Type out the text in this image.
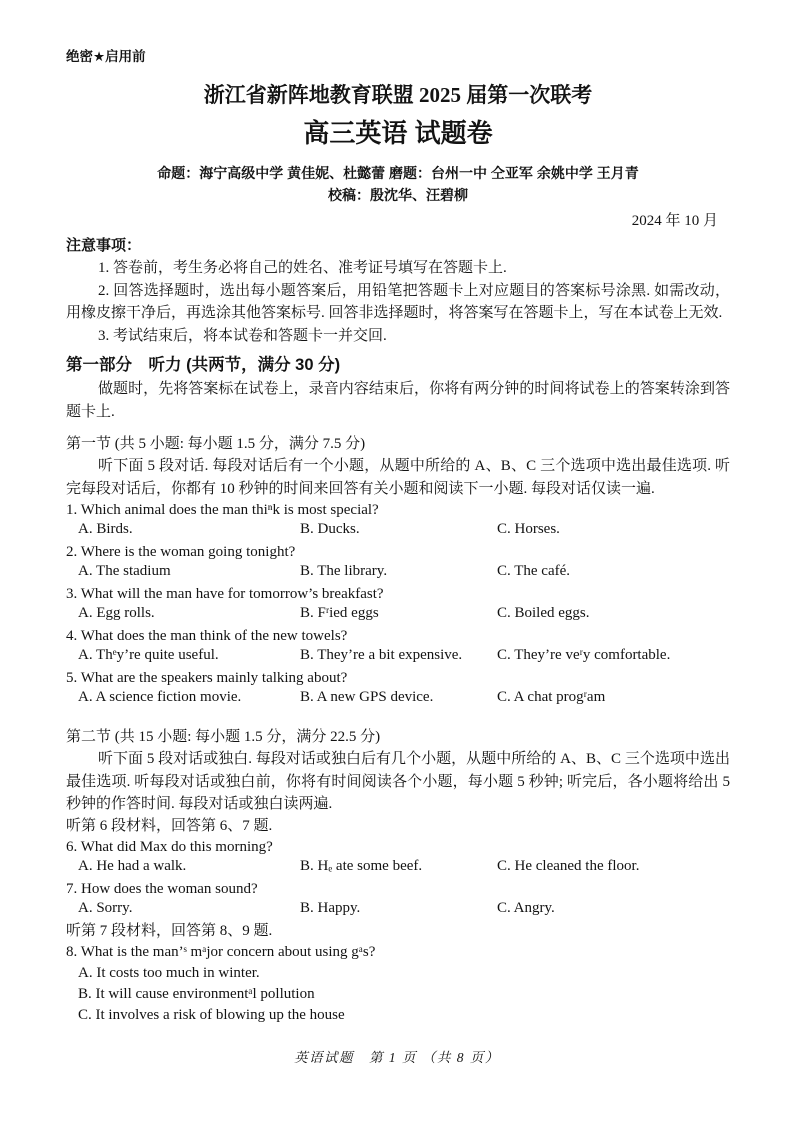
绝密★启用前
浙江省新阵地教育联盟 2025 届第一次联考
高三英语 试题卷
命题：海宁高级中学 黄佳妮、杜懿蕾 磨题：台州一中 仝亚军 余姚中学 王月青
校稿：殷沈华、汪碧柳
2024 年 10 月
注意事项：

1. 答卷前，考生务必将自己的姓名、准考证号填写在答题卡上.

2. 回答选择题时，选出每小题答案后，用铅笔把答题卡上对应题目的答案标号涂黑. 如需改动，用橡皮擦干净后，再选涂其他答案标号. 回答非选择题时，将答案写在答题卡上，写在本试卷上无效.

3. 考试结束后，将本试卷和答题卡一并交回.

第一部分　听力 (共两节，满分 30 分)

做题时，先将答案标在试卷上，录音内容结束后，你将有两分钟的时间将试卷上的答案转涂到答题卡上.

第一节 (共 5 小题: 每小题 1.5 分，满分 7.5 分)

听下面 5 段对话. 每段对话后有一个小题，从题中所给的 A、B、C 三个选项中选出最佳选项. 听完每段对话后，你都有 10 秒钟的时间来回答有关小题和阅读下一小题. 每段对话仅读一遍.

1. Which animal does the man thiⁿk is most special?
A. Birds.	B. Ducks.	C. Horses.
2. Where is the woman going tonight?
A. The stadium	B. The library.	C. The café.
3. What will the man have for tomorrow’s breakfast?
A. Egg rolls.	B. Fʳied eggs	C. Boiled eggs.
4. What does the man think of the new towels?
A. Thᵉy’re quite useful.	B. They’re a bit expensive. C. They’re veʳy comfortable.
5. What are the speakers mainly talking about?
A. A science fiction movie.	B. A new GPS device.	C. A chat progʳam
第二节 (共 15 小题: 每小题 1.5 分，满分 22.5 分)

听下面 5 段对话或独白. 每段对话或独白后有几个小题，从题中所给的 A、B、C 三个选项中选出最佳选项. 听每段对话或独白前，你将有时间阅读各个小题，每小题 5 秒钟; 听完后，各小题将给出 5 秒钟的作答时间. 每段对话或独白读两遍.

听第 6 段材料，回答第 6、7 题.
6. What did Max do this morning?
A. He had a walk.	B. Hₑ ate some beef.	C. He cleaned the floor.
7. How does the woman sound?
A. Sorry.	B. Happy.	C. Angry.
听第 7 段材料，回答第 8、9 题.
8. What is the man’ˢ mᵃjor concern about using gᵃs?
A. It costs too much in winter.
B. It will cause environmentᵃl pollution
C. It involves a risk of blowing up the house
英语试题　第 1 页 （共 8 页）
